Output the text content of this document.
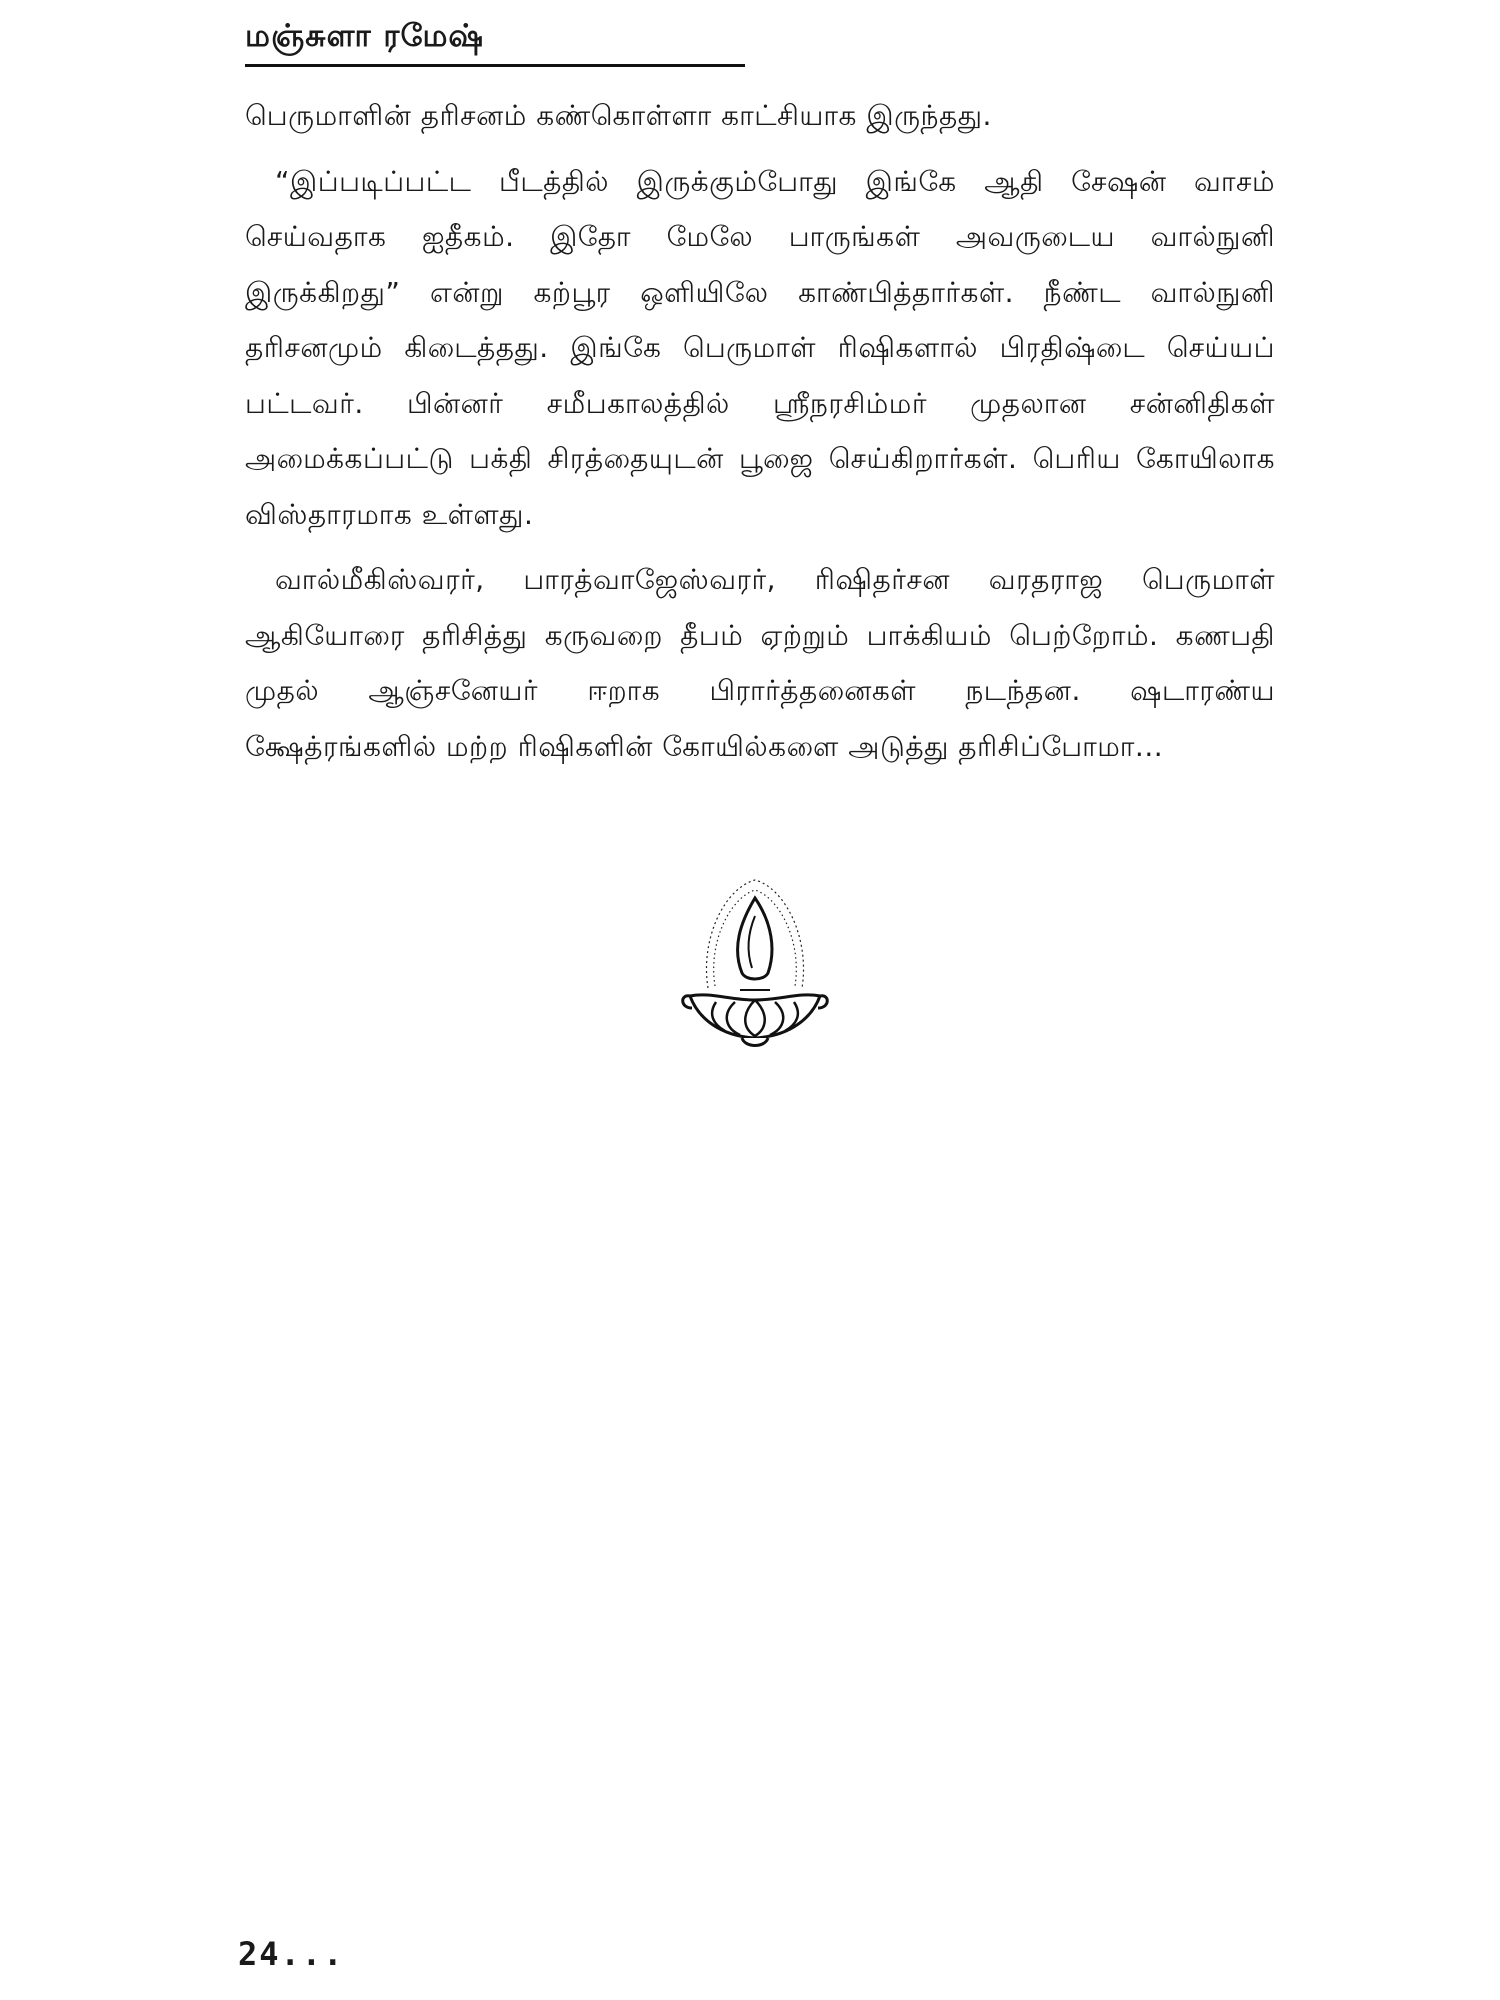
மஞ்சுளா ரமேஷ்

பெருமாளின் தரிசனம் கண்கொள்ளா காட்சியாக இருந்தது.

“இப்படிப்பட்ட பீடத்தில் இருக்கும்போது இங்கே ஆதி சேஷன் வாசம் செய்வதாக ஐதீகம். இதோ மேலே பாருங்கள் அவருடைய வால்நுனி இருக்கிறது” என்று கற்பூர ஒளியிலே காண்பித்தார்கள். நீண்ட வால்நுனி தரிசனமும் கிடைத்தது. இங்கே பெருமாள் ரிஷிகளால் பிரதிஷ்டை செய்யப் பட்டவர். பின்னர் சமீபகாலத்தில் ஸ்ரீநரசிம்மர் முதலான சன்னிதிகள் அமைக்கப்பட்டு பக்தி சிரத்தையுடன் பூஜை செய்கிறார்கள். பெரிய கோயிலாக விஸ்தாரமாக உள்ளது.

வால்மீகிஸ்வரர், பாரத்வாஜேஸ்வரர், ரிஷிதர்சன வரதராஜ பெருமாள் ஆகியோரை தரிசித்து கருவறை தீபம் ஏற்றும் பாக்கியம் பெற்றோம். கணபதி முதல் ஆஞ்சனேயர் ஈறாக பிரார்த்தனைகள் நடந்தன. ஷடாரண்ய க்ஷேத்ரங்களில் மற்ற ரிஷிகளின் கோயில்களை அடுத்து தரிசிப்போமா...

24...
